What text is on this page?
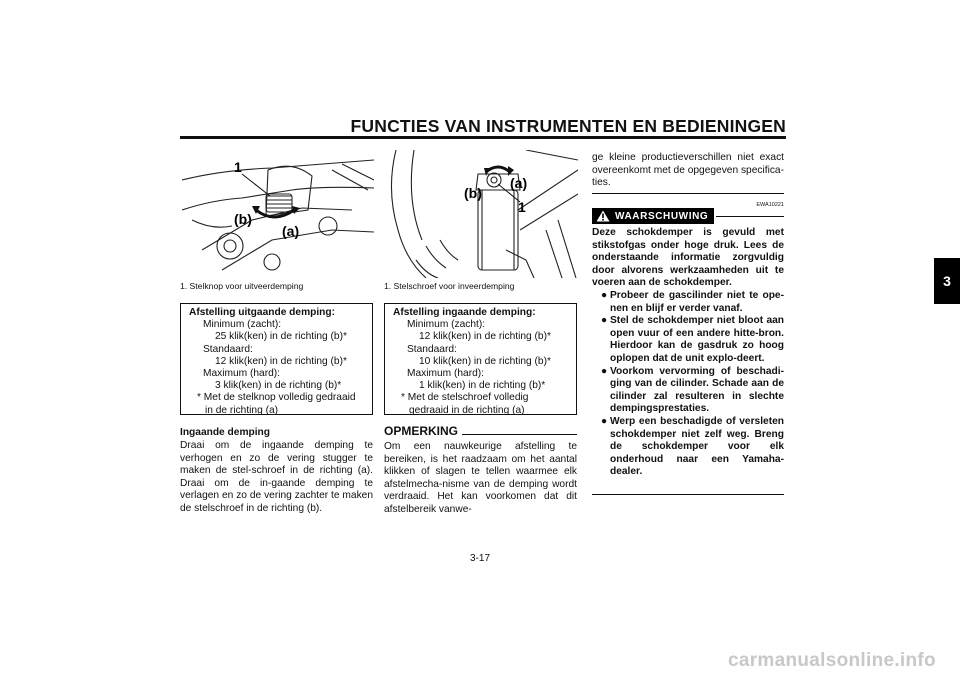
FUNCTIES VAN INSTRUMENTEN EN BEDIENINGEN
3
1
(b)
(a)
1. Stelknop voor uitveerdemping
Afstelling uitgaande demping:
Minimum (zacht):
25 klik(ken) in de richting (b)*
Standaard:
12 klik(ken) in de richting (b)*
Maximum (hard):
3 klik(ken) in de richting (b)*
* Met de stelknop volledig gedraaid in de richting (a)
Ingaande demping
Draai om de ingaande demping te verhogen en zo de vering stugger te maken de stel-schroef in de richting (a). Draai om de in-gaande demping te verlagen en zo de vering zachter te maken de stelschroef in de richting (b).
(b)
(a)
1
1. Stelschroef voor inveerdemping
Afstelling ingaande demping:
Minimum (zacht):
12 klik(ken) in de richting (b)*
Standaard:
10 klik(ken) in de richting (b)*
Maximum (hard):
1 klik(ken) in de richting (b)*
* Met de stelschroef volledig gedraaid in de richting (a)
OPMERKING
Om een nauwkeurige afstelling te bereiken, is het raadzaam om het aantal klikken of slagen te tellen waarmee elk afstelmecha-nisme van de demping wordt verdraaid. Het kan voorkomen dat dit afstelbereik vanwe-
ge kleine productieverschillen niet exact overeenkomt met de opgegeven specifica-ties.
EWA10221
WAARSCHUWING
Deze schokdemper is gevuld met stikstofgas onder hoge druk. Lees de onderstaande informatie zorgvuldig door alvorens werkzaamheden uit te voeren aan de schokdemper.
● Probeer de gascilinder niet te ope-nen en blijf er verder vanaf.
● Stel de schokdemper niet bloot aan open vuur of een andere hitte-bron. Hierdoor kan de gasdruk zo hoog oplopen dat de unit explo-deert.
● Voorkom vervorming of beschadi-ging van de cilinder. Schade aan de cilinder zal resulteren in slechte dempingsprestaties.
● Werp een beschadigde of versleten schokdemper niet zelf weg. Breng de schokdemper voor elk onderhoud naar een Yamaha-dealer.
3-17
carmanualsonline.info
